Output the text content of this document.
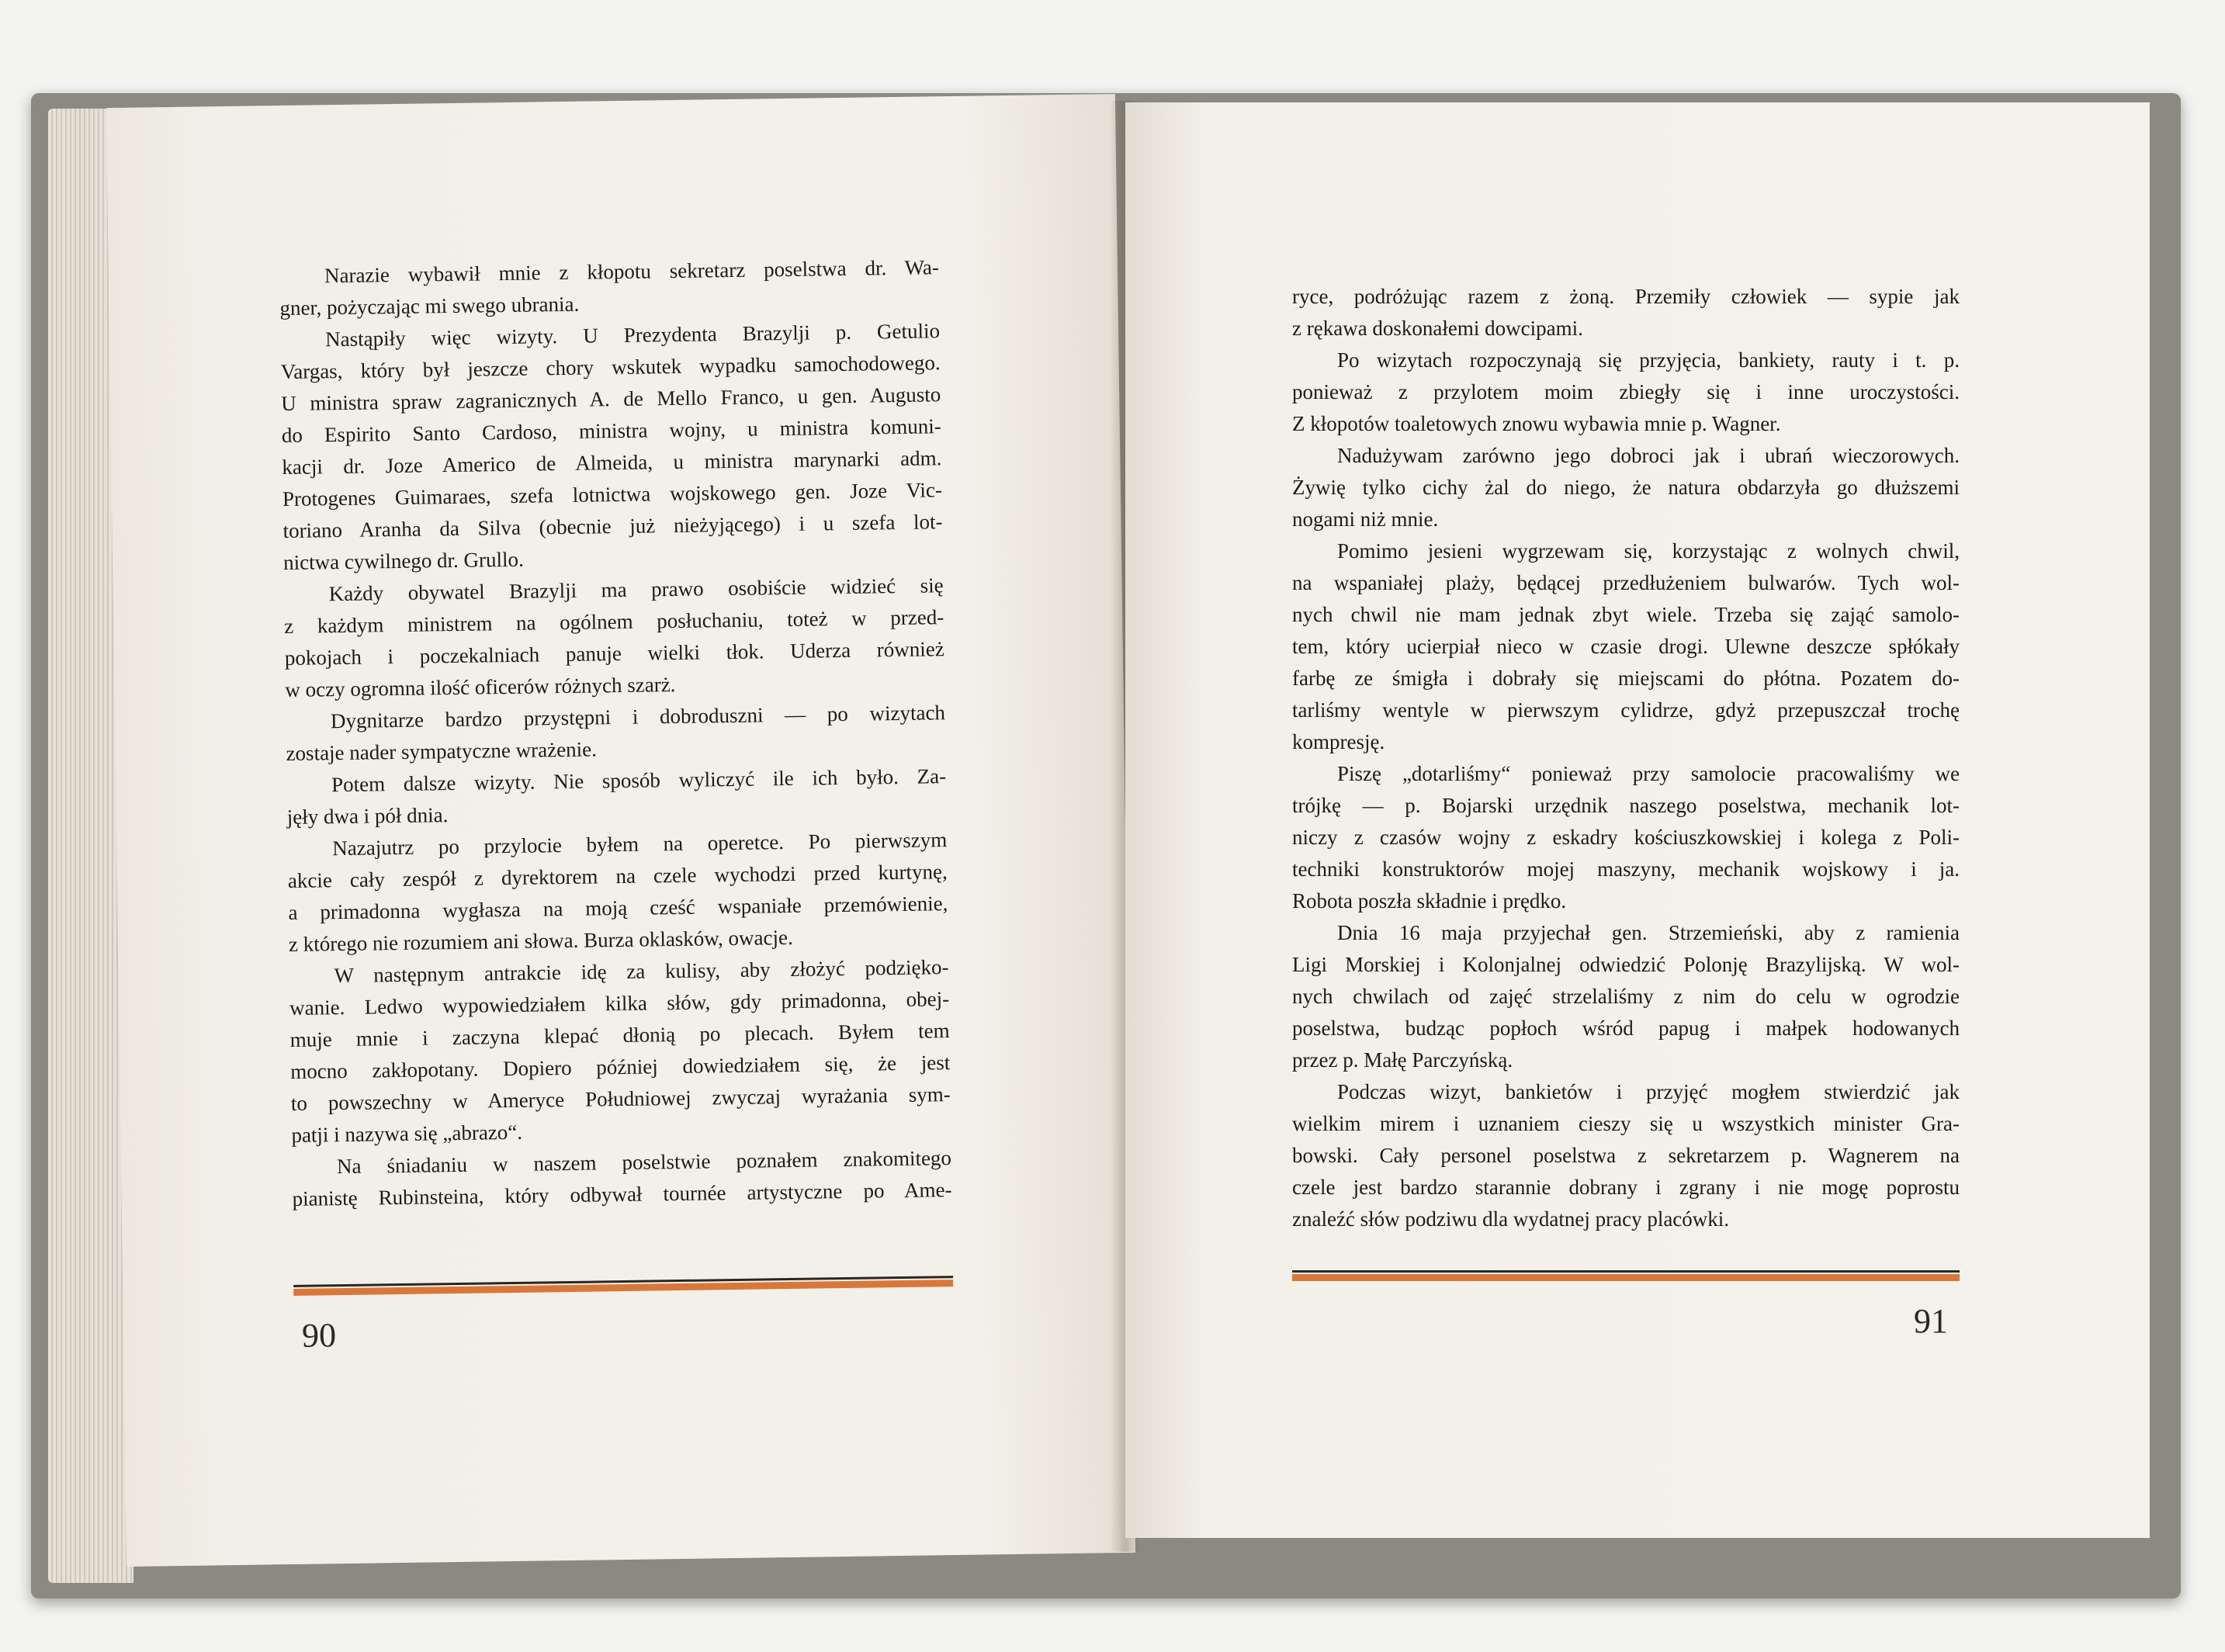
Narazie wybawił mnie z kłopotu sekretarz poselstwa dr. Wa-
gner, pożyczając mi swego ubrania.
Nastąpiły więc wizyty. U Prezydenta Brazylji p. Getulio
Vargas, który był jeszcze chory wskutek wypadku samochodowego.
U ministra spraw zagranicznych A. de Mello Franco, u gen. Augusto
do Espirito Santo Cardoso, ministra wojny, u ministra komuni-
kacji dr. Joze Americo de Almeida, u ministra marynarki adm.
Protogenes Guimaraes, szefa lotnictwa wojskowego gen. Joze Vic-
toriano Aranha da Silva (obecnie już nieżyjącego) i u szefa lot-
nictwa cywilnego dr. Grullo.
Każdy obywatel Brazylji ma prawo osobiście widzieć się
z każdym ministrem na ogólnem posłuchaniu, toteż w przed-
pokojach i poczekalniach panuje wielki tłok. Uderza również
w oczy ogromna ilość oficerów różnych szarż.
Dygnitarze bardzo przystępni i dobroduszni — po wizytach
zostaje nader sympatyczne wrażenie.
Potem dalsze wizyty. Nie sposób wyliczyć ile ich było. Za-
jęły dwa i pół dnia.
Nazajutrz po przylocie byłem na operetce. Po pierwszym
akcie cały zespół z dyrektorem na czele wychodzi przed kurtynę,
a primadonna wygłasza na moją cześć wspaniałe przemówienie,
z którego nie rozumiem ani słowa. Burza oklasków, owacje.
W następnym antrakcie idę za kulisy, aby złożyć podzięko-
wanie. Ledwo wypowiedziałem kilka słów, gdy primadonna, obej-
muje mnie i zaczyna klepać dłonią po plecach. Byłem tem
mocno zakłopotany. Dopiero później dowiedziałem się, że jest
to powszechny w Ameryce Południowej zwyczaj wyrażania sym-
patji i nazywa się „abrazo“.
Na śniadaniu w naszem poselstwie poznałem znakomitego
pianistę Rubinsteina, który odbywał tournée artystyczne po Ame-
90
ryce, podróżując razem z żoną. Przemiły człowiek — sypie jak
z rękawa doskonałemi dowcipami.
Po wizytach rozpoczynają się przyjęcia, bankiety, rauty i t. p.
ponieważ z przylotem moim zbiegły się i inne uroczystości.
Z kłopotów toaletowych znowu wybawia mnie p. Wagner.
Nadużywam zarówno jego dobroci jak i ubrań wieczorowych.
Żywię tylko cichy żal do niego, że natura obdarzyła go dłuższemi
nogami niż mnie.
Pomimo jesieni wygrzewam się, korzystając z wolnych chwil,
na wspaniałej plaży, będącej przedłużeniem bulwarów. Tych wol-
nych chwil nie mam jednak zbyt wiele. Trzeba się zająć samolo-
tem, który ucierpiał nieco w czasie drogi. Ulewne deszcze spłókały
farbę ze śmigła i dobrały się miejscami do płótna. Pozatem do-
tarliśmy wentyle w pierwszym cylidrze, gdyż przepuszczał trochę
kompresję.
Piszę „dotarliśmy“ ponieważ przy samolocie pracowaliśmy we
trójkę — p. Bojarski urzędnik naszego poselstwa, mechanik lot-
niczy z czasów wojny z eskadry kościuszkowskiej i kolega z Poli-
techniki konstruktorów mojej maszyny, mechanik wojskowy i ja.
Robota poszła składnie i prędko.
Dnia 16 maja przyjechał gen. Strzemieński, aby z ramienia
Ligi Morskiej i Kolonjalnej odwiedzić Polonję Brazylijską. W wol-
nych chwilach od zajęć strzelaliśmy z nim do celu w ogrodzie
poselstwa, budząc popłoch wśród papug i małpek hodowanych
przez p. Małę Parczyńską.
Podczas wizyt, bankietów i przyjęć mogłem stwierdzić jak
wielkim mirem i uznaniem cieszy się u wszystkich minister Gra-
bowski. Cały personel poselstwa z sekretarzem p. Wagnerem na
czele jest bardzo starannie dobrany i zgrany i nie mogę poprostu
znaleźć słów podziwu dla wydatnej pracy placówki.
91
